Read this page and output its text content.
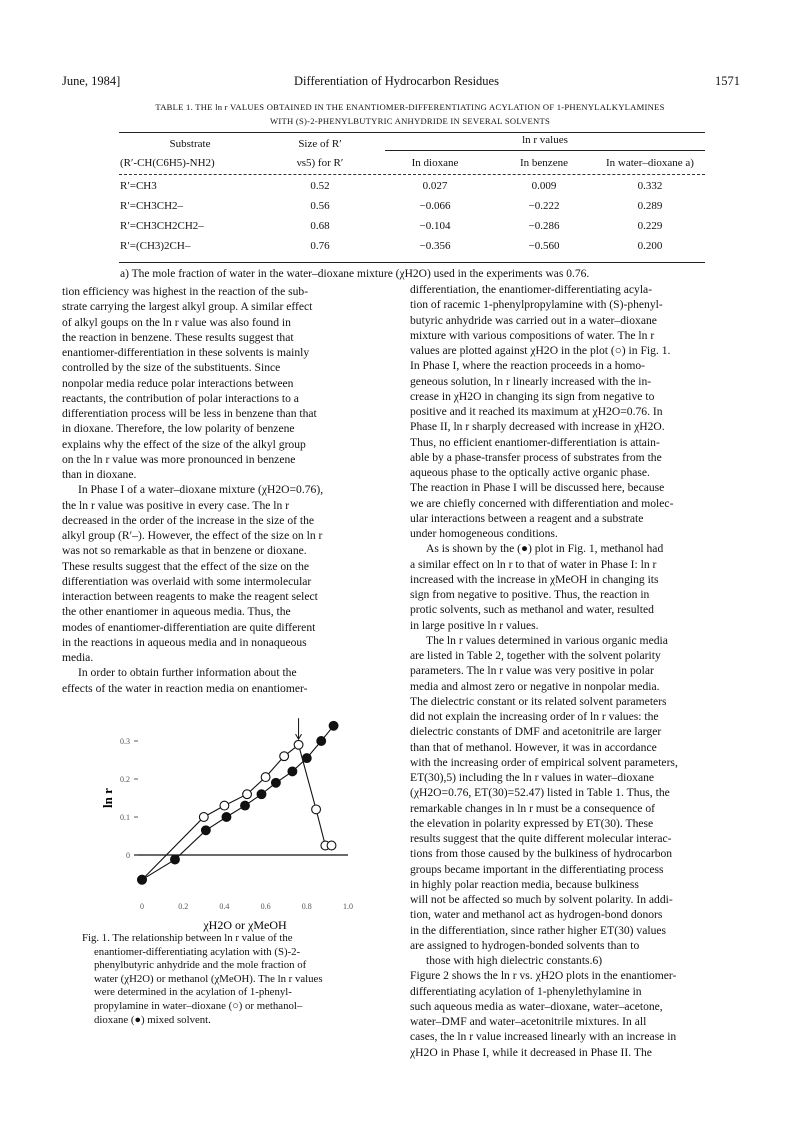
June, 1984]	Differentiation of Hydrocarbon Residues	1571
TABLE 1. THE ln r VALUES OBTAINED IN THE ENANTIOMER-DIFFERENTIATING ACYLATION OF 1-PHENYLALKYLAMINES
WITH (S)-2-PHENYLBUTYRIC ANHYDRIDE IN SEVERAL SOLVENTS
Substrate
(R′-CH(C6H5)-NH2)
Size of R′
νs5) for R′
ln r values
In dioxane	In benzene	In water–dioxane a)
R′=CH3	0.52	0.027	0.009	0.332
R′=CH3CH2–	0.56	−0.066	−0.222	0.289
R′=CH3CH2CH2–	0.68	−0.104	−0.286	0.229
R′=(CH3)2CH–	0.76	−0.356	−0.560	0.200
a) The mole fraction of water in the water–dioxane mixture (χH2O) used in the experiments was 0.76.

tion efficiency was highest in the reaction of the sub-

strate carrying the largest alkyl group. A similar effect

of alkyl goups on the ln r value was also found in

the reaction in benzene. These results suggest that

enantiomer-differentiation in these solvents is mainly

controlled by the size of the substituents. Since

nonpolar media reduce polar interactions between

reactants, the contribution of polar interactions to a

differentiation process will be less in benzene than that

in dioxane. Therefore, the low polarity of benzene

explains why the effect of the size of the alkyl group

on the ln r value was more pronounced in benzene

than in dioxane.

In Phase I of a water–dioxane mixture (χH2O=0.76),

the ln r value was positive in every case. The ln r

decreased in the order of the increase in the size of the

alkyl group (R′–). However, the effect of the size on ln r

was not so remarkable as that in benzene or dioxane.

These results suggest that the effect of the size on the

differentiation was overlaid with some intermolecular

interaction between reagents to make the reagent select

the other enantiomer in aqueous media. Thus, the

modes of enantiomer-differentiation are quite different

in the reactions in aqueous media and in nonaqueous

media.

In order to obtain further information about the

effects of the water in reaction media on enantiomer-

0
0.1
0.2
0.3
0	0.2	0.4	0.6	0.8	1.0
ln r
χH2O or χMeOH
Fig. 1. The relationship between ln r value of the
enantiomer-differentiating acylation with (S)-2-
phenylbutyric anhydride and the mole fraction of
water (χH2O) or methanol (χMeOH). The ln r values
were determined in the acylation of 1-phenyl-
propylamine in water–dioxane (○) or methanol–
dioxane (●) mixed solvent.

differentiation, the enantiomer-differentiating acyla-

tion of racemic 1-phenylpropylamine with (S)-phenyl-

butyric anhydride was carried out in a water–dioxane

mixture with various compositions of water. The ln r

values are plotted against χH2O in the plot (○) in Fig. 1.

In Phase I, where the reaction proceeds in a homo-

geneous solution, ln r linearly increased with the in-

crease in χH2O in changing its sign from negative to

positive and it reached its maximum at χH2O=0.76. In

Phase II, ln r sharply decreased with increase in χH2O.

Thus, no efficient enantiomer-differentiation is attain-

able by a phase-transfer process of substrates from the

aqueous phase to the optically active organic phase.

The reaction in Phase I will be discussed here, because

we are chiefly concerned with differentiation and molec-

ular interactions between a reagent and a substrate

under homogeneous conditions.

As is shown by the (●) plot in Fig. 1, methanol had

a similar effect on ln r to that of water in Phase I: ln r

increased with the increase in χMeOH in changing its

sign from negative to positive. Thus, the reaction in

protic solvents, such as methanol and water, resulted

in large positive ln r values.

The ln r values determined in various organic media

are listed in Table 2, together with the solvent polarity

parameters. The ln r value was very positive in polar

media and almost zero or negative in nonpolar media.

The dielectric constant or its related solvent parameters

did not explain the increasing order of ln r values: the

dielectric constants of DMF and acetonitrile are larger

than that of methanol. However, it was in accordance

with the increasing order of empirical solvent parameters,

ET(30),5) including the ln r values in water–dioxane

(χH2O=0.76, ET(30)=52.47) listed in Table 1. Thus, the

remarkable changes in ln r must be a consequence of

the elevation in polarity expressed by ET(30). These

results suggest that the quite different molecular interac-

tions from those caused by the bulkiness of hydrocarbon

groups became important in the differentiating process

in highly polar reaction media, because bulkiness

will not be affected so much by solvent polarity. In addi-

tion, water and methanol act as hydrogen-bond donors

in the differentiation, since rather higher ET(30) values

are assigned to hydrogen-bonded solvents than to

those with high dielectric constants.6)

Figure 2 shows the ln r vs. χH2O plots in the enantiomer-

differentiating acylation of 1-phenylethylamine in

such aqueous media as water–dioxane, water–acetone,

water–DMF and water–acetonitrile mixtures. In all

cases, the ln r value increased linearly with an increase in

χH2O in Phase I, while it decreased in Phase II. The
